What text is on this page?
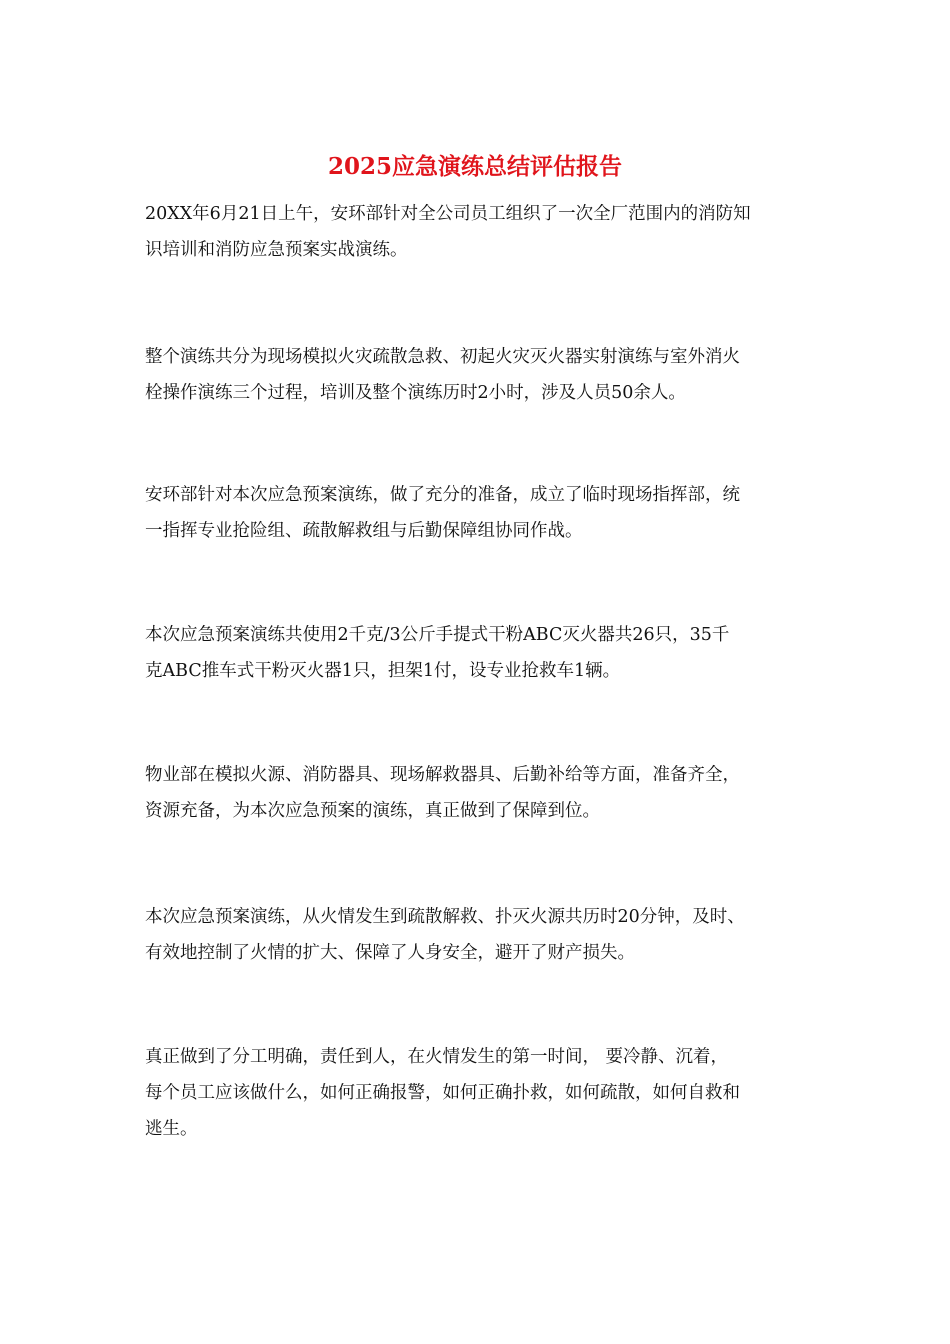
2025应急演练总结评估报告

20XX年6月21日上午，安环部针对全公司员工组织了一次全厂范围内的消防知
识培训和消防应急预案实战演练。

整个演练共分为现场模拟火灾疏散急救、初起火灾灭火器实射演练与室外消火
栓操作演练三个过程，培训及整个演练历时2小时，涉及人员50余人。

安环部针对本次应急预案演练，做了充分的准备，成立了临时现场指挥部，统
一指挥专业抢险组、疏散解救组与后勤保障组协同作战。

本次应急预案演练共使用2千克/3公斤手提式干粉ABC灭火器共26只，35千
克ABC推车式干粉灭火器1只，担架1付，设专业抢救车1辆。

物业部在模拟火源、消防器具、现场解救器具、后勤补给等方面，准备齐全，
资源充备，为本次应急预案的演练，真正做到了保障到位。

本次应急预案演练，从火情发生到疏散解救、扑灭火源共历时20分钟，及时、
有效地控制了火情的扩大、保障了人身安全，避开了财产损失。

真正做到了分工明确，责任到人，在火情发生的第一时间， 要冷静、沉着，
每个员工应该做什么，如何正确报警，如何正确扑救，如何疏散，如何自救和
逃生。
